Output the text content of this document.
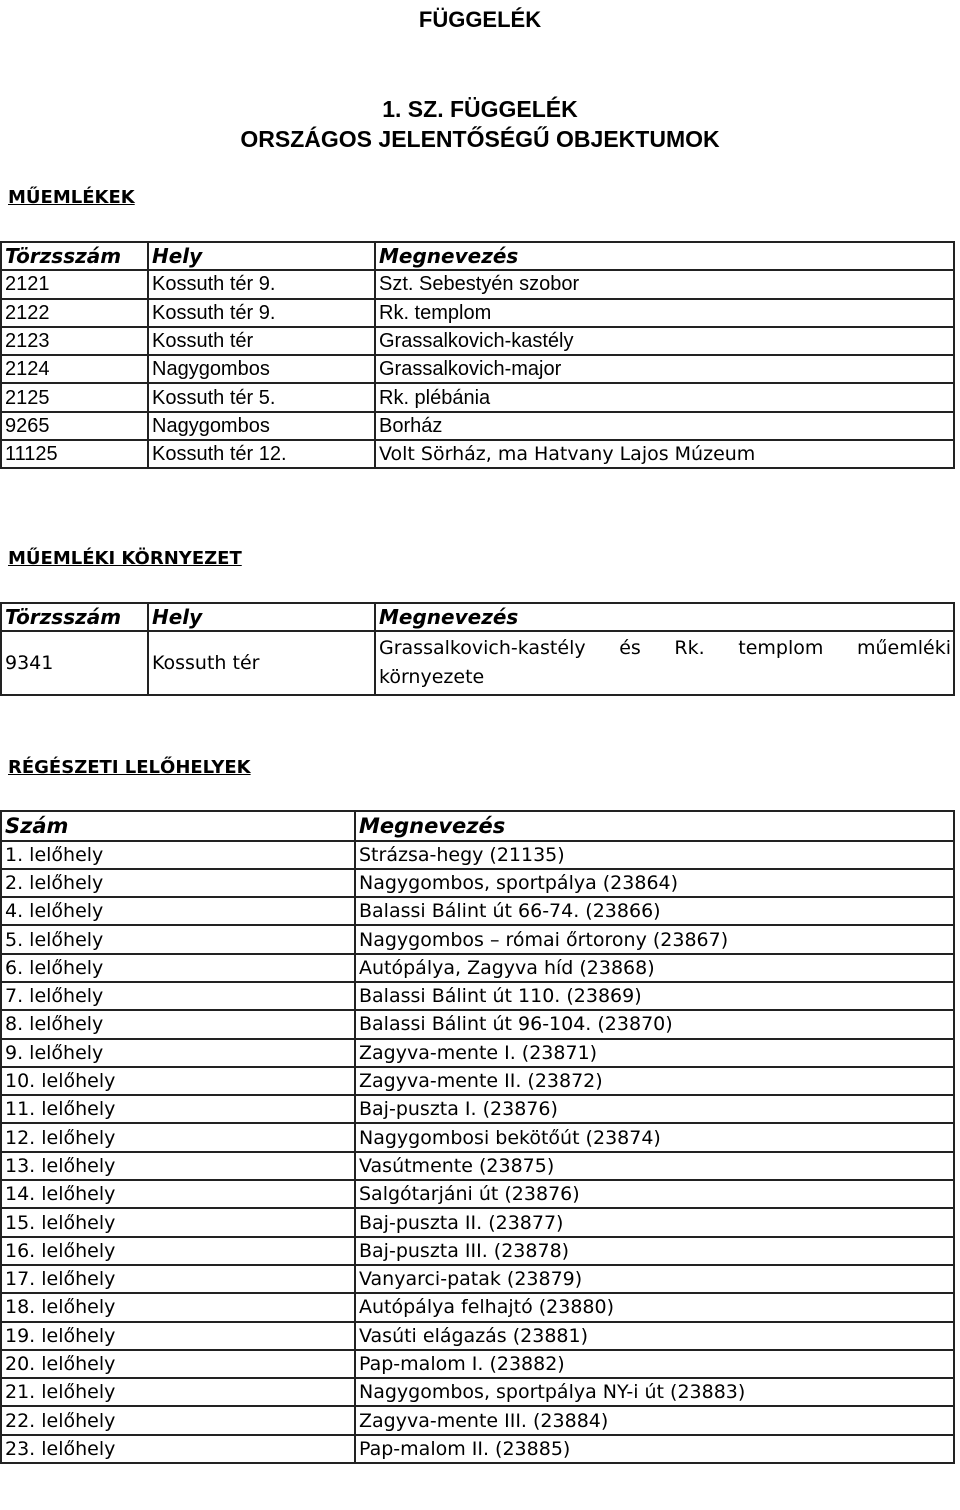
FÜGGELÉK
1. SZ. FÜGGELÉK
ORSZÁGOS JELENTŐSÉGŰ OBJEKTUMOK
MŰEMLÉKEK
Törzsszám	Hely	Megnevezés
2121	Kossuth tér 9.	Szt. Sebestyén szobor
2122	Kossuth tér 9.	Rk. templom
2123	Kossuth tér	Grassalkovich-kastély
2124	Nagygombos	Grassalkovich-major
2125	Kossuth tér 5.	Rk. plébánia
9265	Nagygombos	Borház
11125	Kossuth tér 12.	Volt Sörház, ma Hatvany Lajos Múzeum
MŰEMLÉKI KÖRNYEZET
Törzsszám	Hely	Megnevezés
9341	Kossuth tér	Grassalkovich-kastély és Rk. templom műemléki környezete
RÉGÉSZETI LELŐHELYEK
Szám	Megnevezés
1. lelőhely	Strázsa-hegy (21135)
2. lelőhely	Nagygombos, sportpálya (23864)
4. lelőhely	Balassi Bálint út 66-74. (23866)
5. lelőhely	Nagygombos – római őrtorony (23867)
6. lelőhely	Autópálya, Zagyva híd (23868)
7. lelőhely	Balassi Bálint út 110. (23869)
8. lelőhely	Balassi Bálint út 96-104. (23870)
9. lelőhely	Zagyva-mente I. (23871)
10. lelőhely	Zagyva-mente II. (23872)
11. lelőhely	Baj-puszta I. (23876)
12. lelőhely	Nagygombosi bekötőút (23874)
13. lelőhely	Vasútmente (23875)
14. lelőhely	Salgótarjáni út (23876)
15. lelőhely	Baj-puszta II. (23877)
16. lelőhely	Baj-puszta III. (23878)
17. lelőhely	Vanyarci-patak (23879)
18. lelőhely	Autópálya felhajtó (23880)
19. lelőhely	Vasúti elágazás (23881)
20. lelőhely	Pap-malom I. (23882)
21. lelőhely	Nagygombos, sportpálya NY-i út (23883)
22. lelőhely	Zagyva-mente III. (23884)
23. lelőhely	Pap-malom II. (23885)
